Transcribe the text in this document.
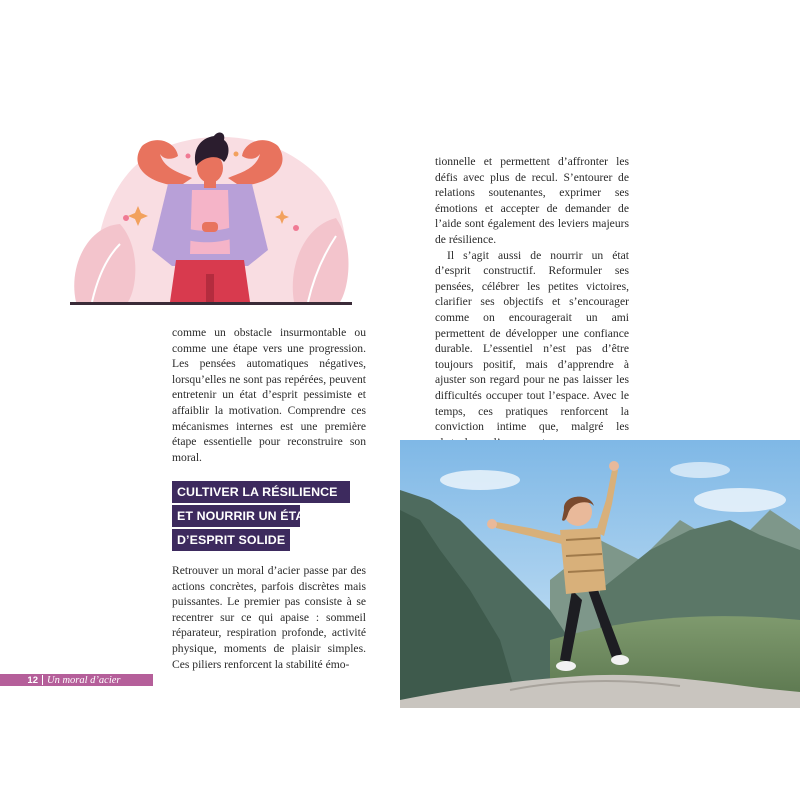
comme un obstacle insurmontable ou comme une étape vers une progression. Les pensées automatiques négatives, lorsqu’elles ne sont pas repérées, peuvent entretenir un état d’esprit pessimiste et affaiblir la motivation. Comprendre ces mécanismes internes est une première étape essentielle pour reconstruire son moral.

CULTIVER LA RÉSILIENCE
ET NOURRIR UN ÉTAT
D’ESPRIT SOLIDE

Retrouver un moral d’acier passe par des actions concrètes, parfois discrètes mais puissantes. Le premier pas consiste à se recentrer sur ce qui apaise : sommeil réparateur, respiration profonde, activité physique, moments de plaisir simples. Ces piliers renforcent la stabilité émo-

tionnelle et permettent d’affronter les défis avec plus de recul. S’entourer de relations soutenantes, exprimer ses émotions et accepter de demander de l’aide sont également des leviers majeurs de résilience.

Il s’agit aussi de nourrir un état d’esprit constructif. Reformuler ses pensées, célébrer les petites victoires, clarifier ses objectifs et s’encourager comme on encouragerait un ami permettent de développer une confiance durable. L’essentiel n’est pas d’être toujours positif, mais d’apprendre à ajuster son regard pour ne pas laisser les difficultés occuper tout l’espace. Avec le temps, ces pratiques renforcent la conviction intime que, malgré les

12 Un moral d’acier
